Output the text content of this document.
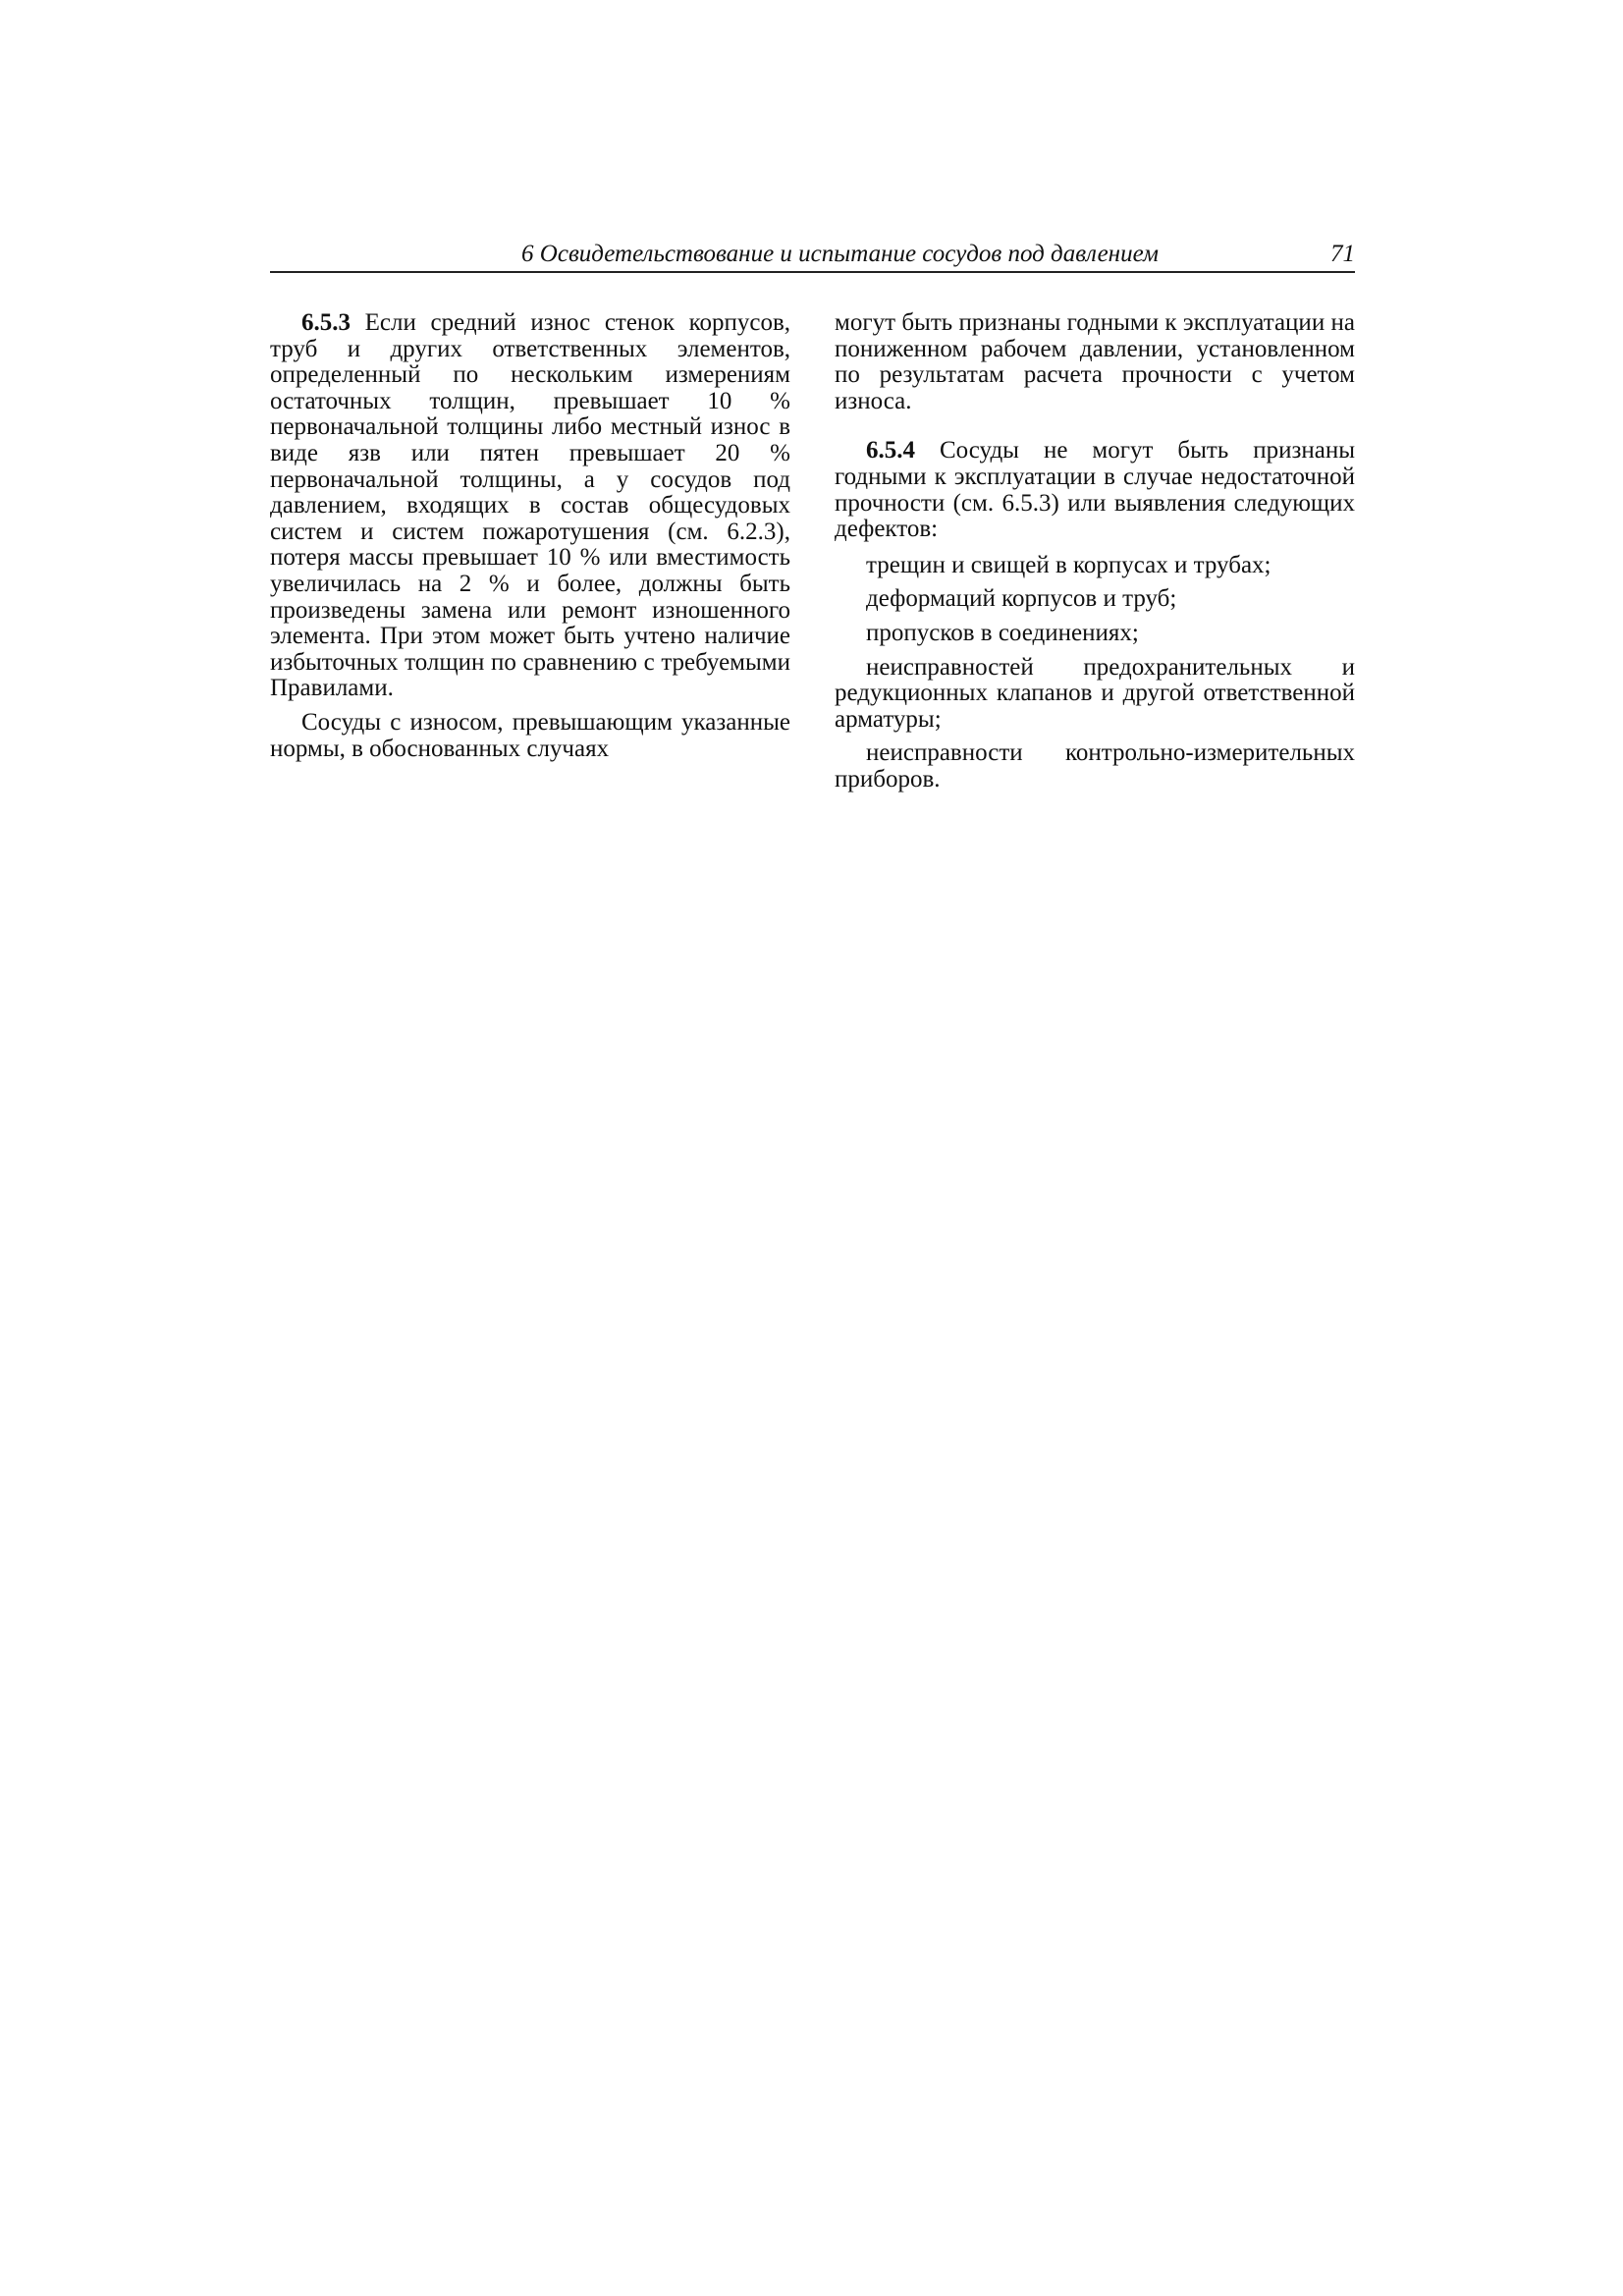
6 Освидетельствование и испытание сосудов под давлением	71

6.5.3 Если средний износ стенок корпусов, труб и других ответственных элементов, определенный по нескольким измерениям остаточных толщин, превышает 10 % первоначальной толщины либо местный износ в виде язв или пятен превышает 20 % первоначальной толщины, а у сосудов под давлением, входящих в состав общесудовых систем и систем пожаротушения (см. 6.2.3), потеря массы превышает 10 % или вместимость увеличилась на 2 % и более, должны быть произведены замена или ремонт изношенного элемента. При этом может быть учтено наличие избыточных толщин по сравнению с требуемыми Правилами.

Сосуды с износом, превышающим указанные нормы, в обоснованных случаях

могут быть признаны годными к эксплуатации на пониженном рабочем давлении, установленном по результатам расчета прочности с учетом износа.

6.5.4 Сосуды не могут быть признаны годными к эксплуатации в случае недостаточной прочности (см. 6.5.3) или выявления следующих дефектов:

трещин и свищей в корпусах и трубах;

деформаций корпусов и труб;

пропусков в соединениях;

неисправностей предохранительных и редукционных клапанов и другой ответственной арматуры;

неисправности контрольно-измерительных приборов.
